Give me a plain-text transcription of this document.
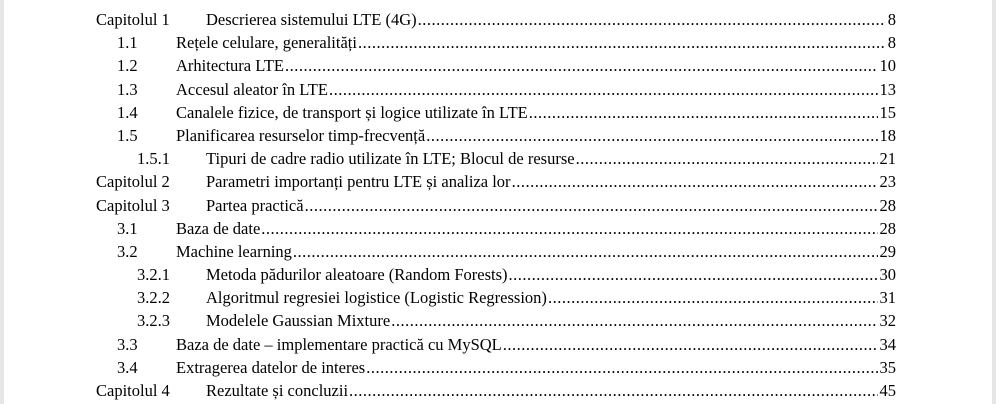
Capitolul 1 Descrierea sistemului LTE (4G) .....	8
1.1 Rețele celulare, generalități .....	8
1.2 Arhitectura LTE .....	10
1.3 Accesul aleator în LTE .....	13
1.4 Canalele fizice, de transport și logice utilizate în LTE .....	15
1.5 Planificarea resurselor timp-frecvență .....	18
1.5.1 Tipuri de cadre radio utilizate în LTE; Blocul de resurse .....	21
Capitolul 2 Parametri importanți pentru LTE și analiza lor .....	23
Capitolul 3 Partea practică .....	28
3.1 Baza de date .....	28
3.2 Machine learning .....	29
3.2.1 Metoda pădurilor aleatoare (Random Forests) .....	30
3.2.2 Algoritmul regresiei logistice (Logistic Regression) .....	31
3.2.3 Modelele Gaussian Mixture .....	32
3.3 Baza de date – implementare practică cu MySQL .....	34
3.4 Extragerea datelor de interes .....	35
Capitolul 4 Rezultate și concluzii .....	45
